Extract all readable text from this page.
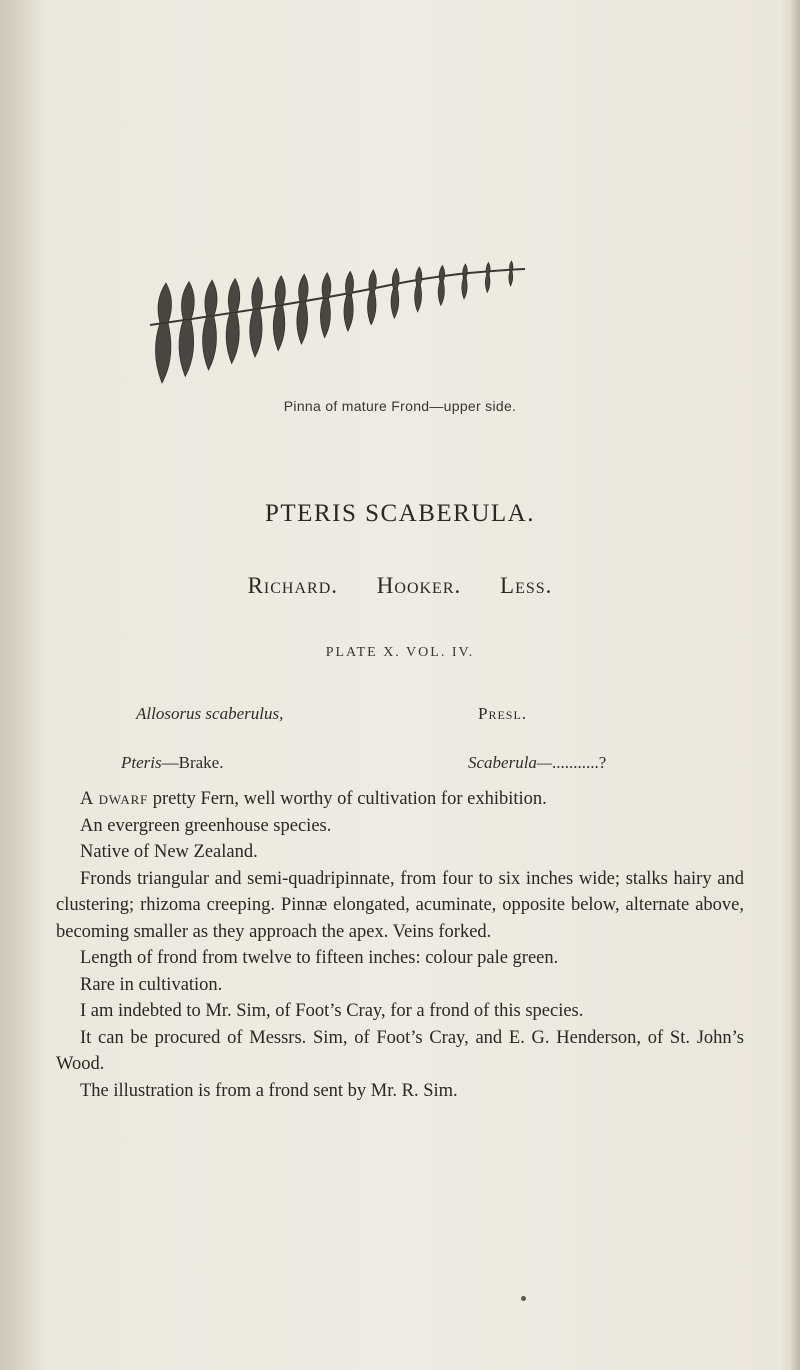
Pinna of mature Frond—upper side.
PTERIS SCABERULA.
Richard. Hooker. Less.
PLATE X. VOL. IV.
Allosorus scaberulus,	Presl.
Pteris—Brake.	Scaberula—...........?

A dwarf pretty Fern, well worthy of cultivation for exhibition.

An evergreen greenhouse species.

Native of New Zealand.

Fronds triangular and semi-quadripinnate, from four to six inches wide; stalks hairy and clustering; rhizoma creeping. Pinnæ elongated, acuminate, opposite below, alternate above, becoming smaller as they approach the apex. Veins forked.

Length of frond from twelve to fifteen inches: colour pale green.

Rare in cultivation.

I am indebted to Mr. Sim, of Foot’s Cray, for a frond of this species.

It can be procured of Messrs. Sim, of Foot’s Cray, and E. G. Henderson, of St. John’s Wood.

The illustration is from a frond sent by Mr. R. Sim.
